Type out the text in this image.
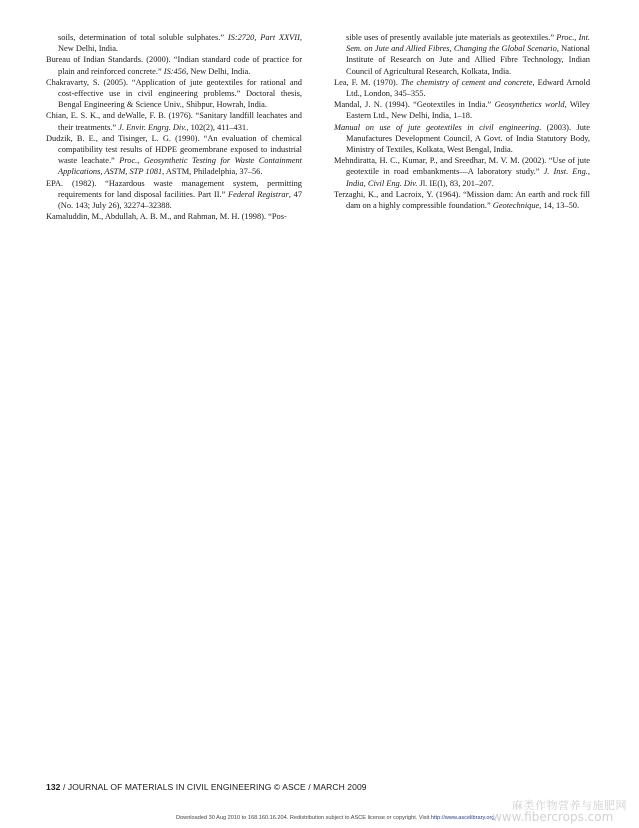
soils, determination of total soluble sulphates.” IS:2720, Part XXVII, New Delhi, India.

Bureau of Indian Standards. (2000). “Indian standard code of practice for plain and reinforced concrete.” IS:456, New Delhi, India.

Chakravarty, S. (2005). “Application of jute geotextiles for rational and cost-effective use in civil engineering problems.” Doctoral thesis, Bengal Engineering & Science Univ., Shibpur, Howrah, India.

Chian, E. S. K., and deWalle, F. B. (1976). “Sanitary landfill leachates and their treatments.” J. Envir. Engrg. Div., 102(2), 411–431.

Dudzik, B. E., and Tisinger, L. G. (1990). “An evaluation of chemical compatibility test results of HDPE geomembrane exposed to industrial waste leachate.” Proc., Geosynthetic Testing for Waste Containment Applications, ASTM, STP 1081, ASTM, Philadelphia, 37–56.

EPA. (1982). “Hazardous waste management system, permitting requirements for land disposal facilities. Part II.” Federal Registrar, 47 (No. 143; July 26), 32274–32388.

Kamaluddin, M., Abdullah, A. B. M., and Rahman, M. H. (1998). “Pos-

sible uses of presently available jute materials as geotextiles.” Proc., Int. Sem. on Jute and Allied Fibres, Changing the Global Scenario, National Institute of Research on Jute and Allied Fibre Technology, Indian Council of Agricultural Research, Kolkata, India.

Lea, F. M. (1970). The chemistry of cement and concrete, Edward Arnold Ltd., London, 345–355.

Mandal, J. N. (1994). “Geotextiles in India.” Geosynthetics world, Wiley Eastern Ltd., New Delhi, India, 1–18.

Manual on use of jute geotextiles in civil engineering. (2003). Jute Manufactures Development Council, A Govt. of India Statutory Body, Ministry of Textiles, Kolkata, West Bengal, India.

Mehndiratta, H. C., Kumar, P., and Sreedhar, M. V. M. (2002). “Use of jute geotextile in road embankments—A laboratory study.” J. Inst. Eng., India, Civil Eng. Div. Jl. IE(I), 83, 201–207.

Terzaghi, K., and Lacroix, Y. (1964). “Mission dam: An earth and rock fill dam on a highly compressible foundation.” Geotechnique, 14, 13–50.

132 / JOURNAL OF MATERIALS IN CIVIL ENGINEERING © ASCE / MARCH 2009
Downloaded 30 Aug 2010 to 168.160.16.204. Redistribution subject to ASCE license or copyright. Visit http://www.ascelibrary.org
麻类作物营养与施肥网
www.fibercrops.com
